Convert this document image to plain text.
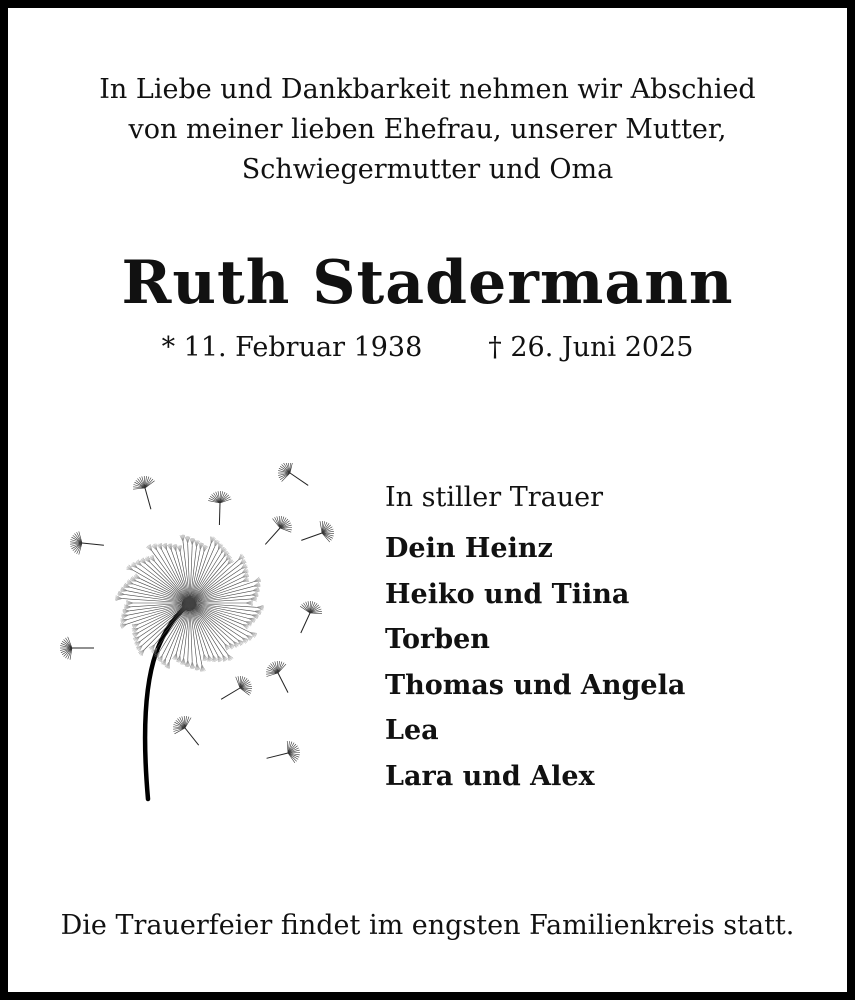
In Liebe und Dankbarkeit nehmen wir Abschied
von meiner lieben Ehefrau, unserer Mutter,
Schwiegermutter und Oma
Ruth Stadermann
* 11. Februar 1938 † 26. Juni 2025
In stiller Trauer
Dein Heinz
Heiko und Tiina
Torben
Thomas und Angela
Lea
Lara und Alex
Die Trauerfeier findet im engsten Familienkreis statt.
